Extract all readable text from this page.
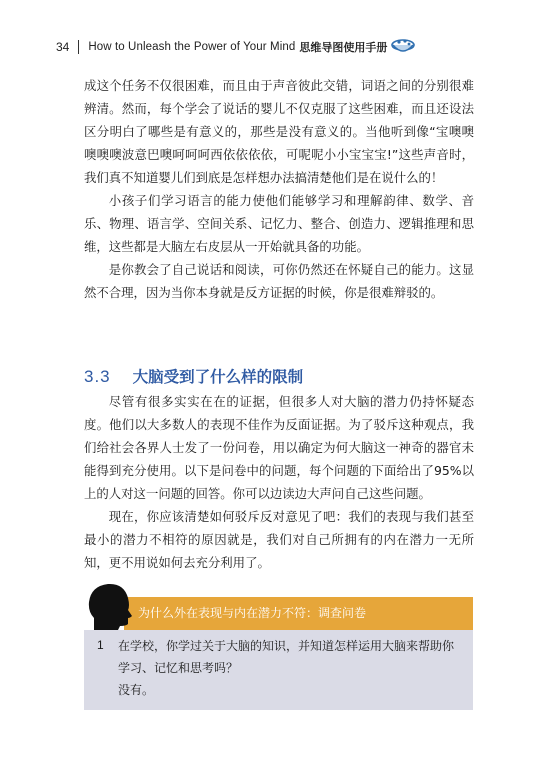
34 How to Unleash the Power of Your Mind 思维导图使用手册

成这个任务不仅很困难，而且由于声音彼此交错，词语之间的分别很难辨清。然而，每个学会了说话的婴儿不仅克服了这些困难，而且还设法区分明白了哪些是有意义的，那些是没有意义的。当他听到像“宝噢噢噢噢噢波意巴噢呵呵呵西依依依依，可呢呢小小宝宝宝!”这些声音时，我们真不知道婴儿们到底是怎样想办法搞清楚他们是在说什么的！

小孩子们学习语言的能力使他们能够学习和理解韵律、数学、音乐、物理、语言学、空间关系、记忆力、整合、创造力、逻辑推理和思维，这些都是大脑左右皮层从一开始就具备的功能。

是你教会了自己说话和阅读，可你仍然还在怀疑自己的能力。这显然不合理，因为当你本身就是反方证据的时候，你是很难辩驳的。

3.3 大脑受到了什么样的限制

尽管有很多实实在在的证据，但很多人对大脑的潜力仍持怀疑态度。他们以大多数人的表现不佳作为反面证据。为了驳斥这种观点，我们给社会各界人士发了一份问卷，用以确定为何大脑这一神奇的器官未能得到充分使用。以下是问卷中的问题，每个问题的下面给出了95%以上的人对这一问题的回答。你可以边读边大声问自己这些问题。

现在，你应该清楚如何驳斥反对意见了吧：我们的表现与我们甚至最小的潜力不相符的原因就是，我们对自己所拥有的内在潜力一无所知，更不用说如何去充分利用了。

1 在学校，你学过关于大脑的知识，并知道怎样运用大脑来帮助你学习、记忆和思考吗？
没有。
为什么外在表现与内在潜力不符：调查问卷
